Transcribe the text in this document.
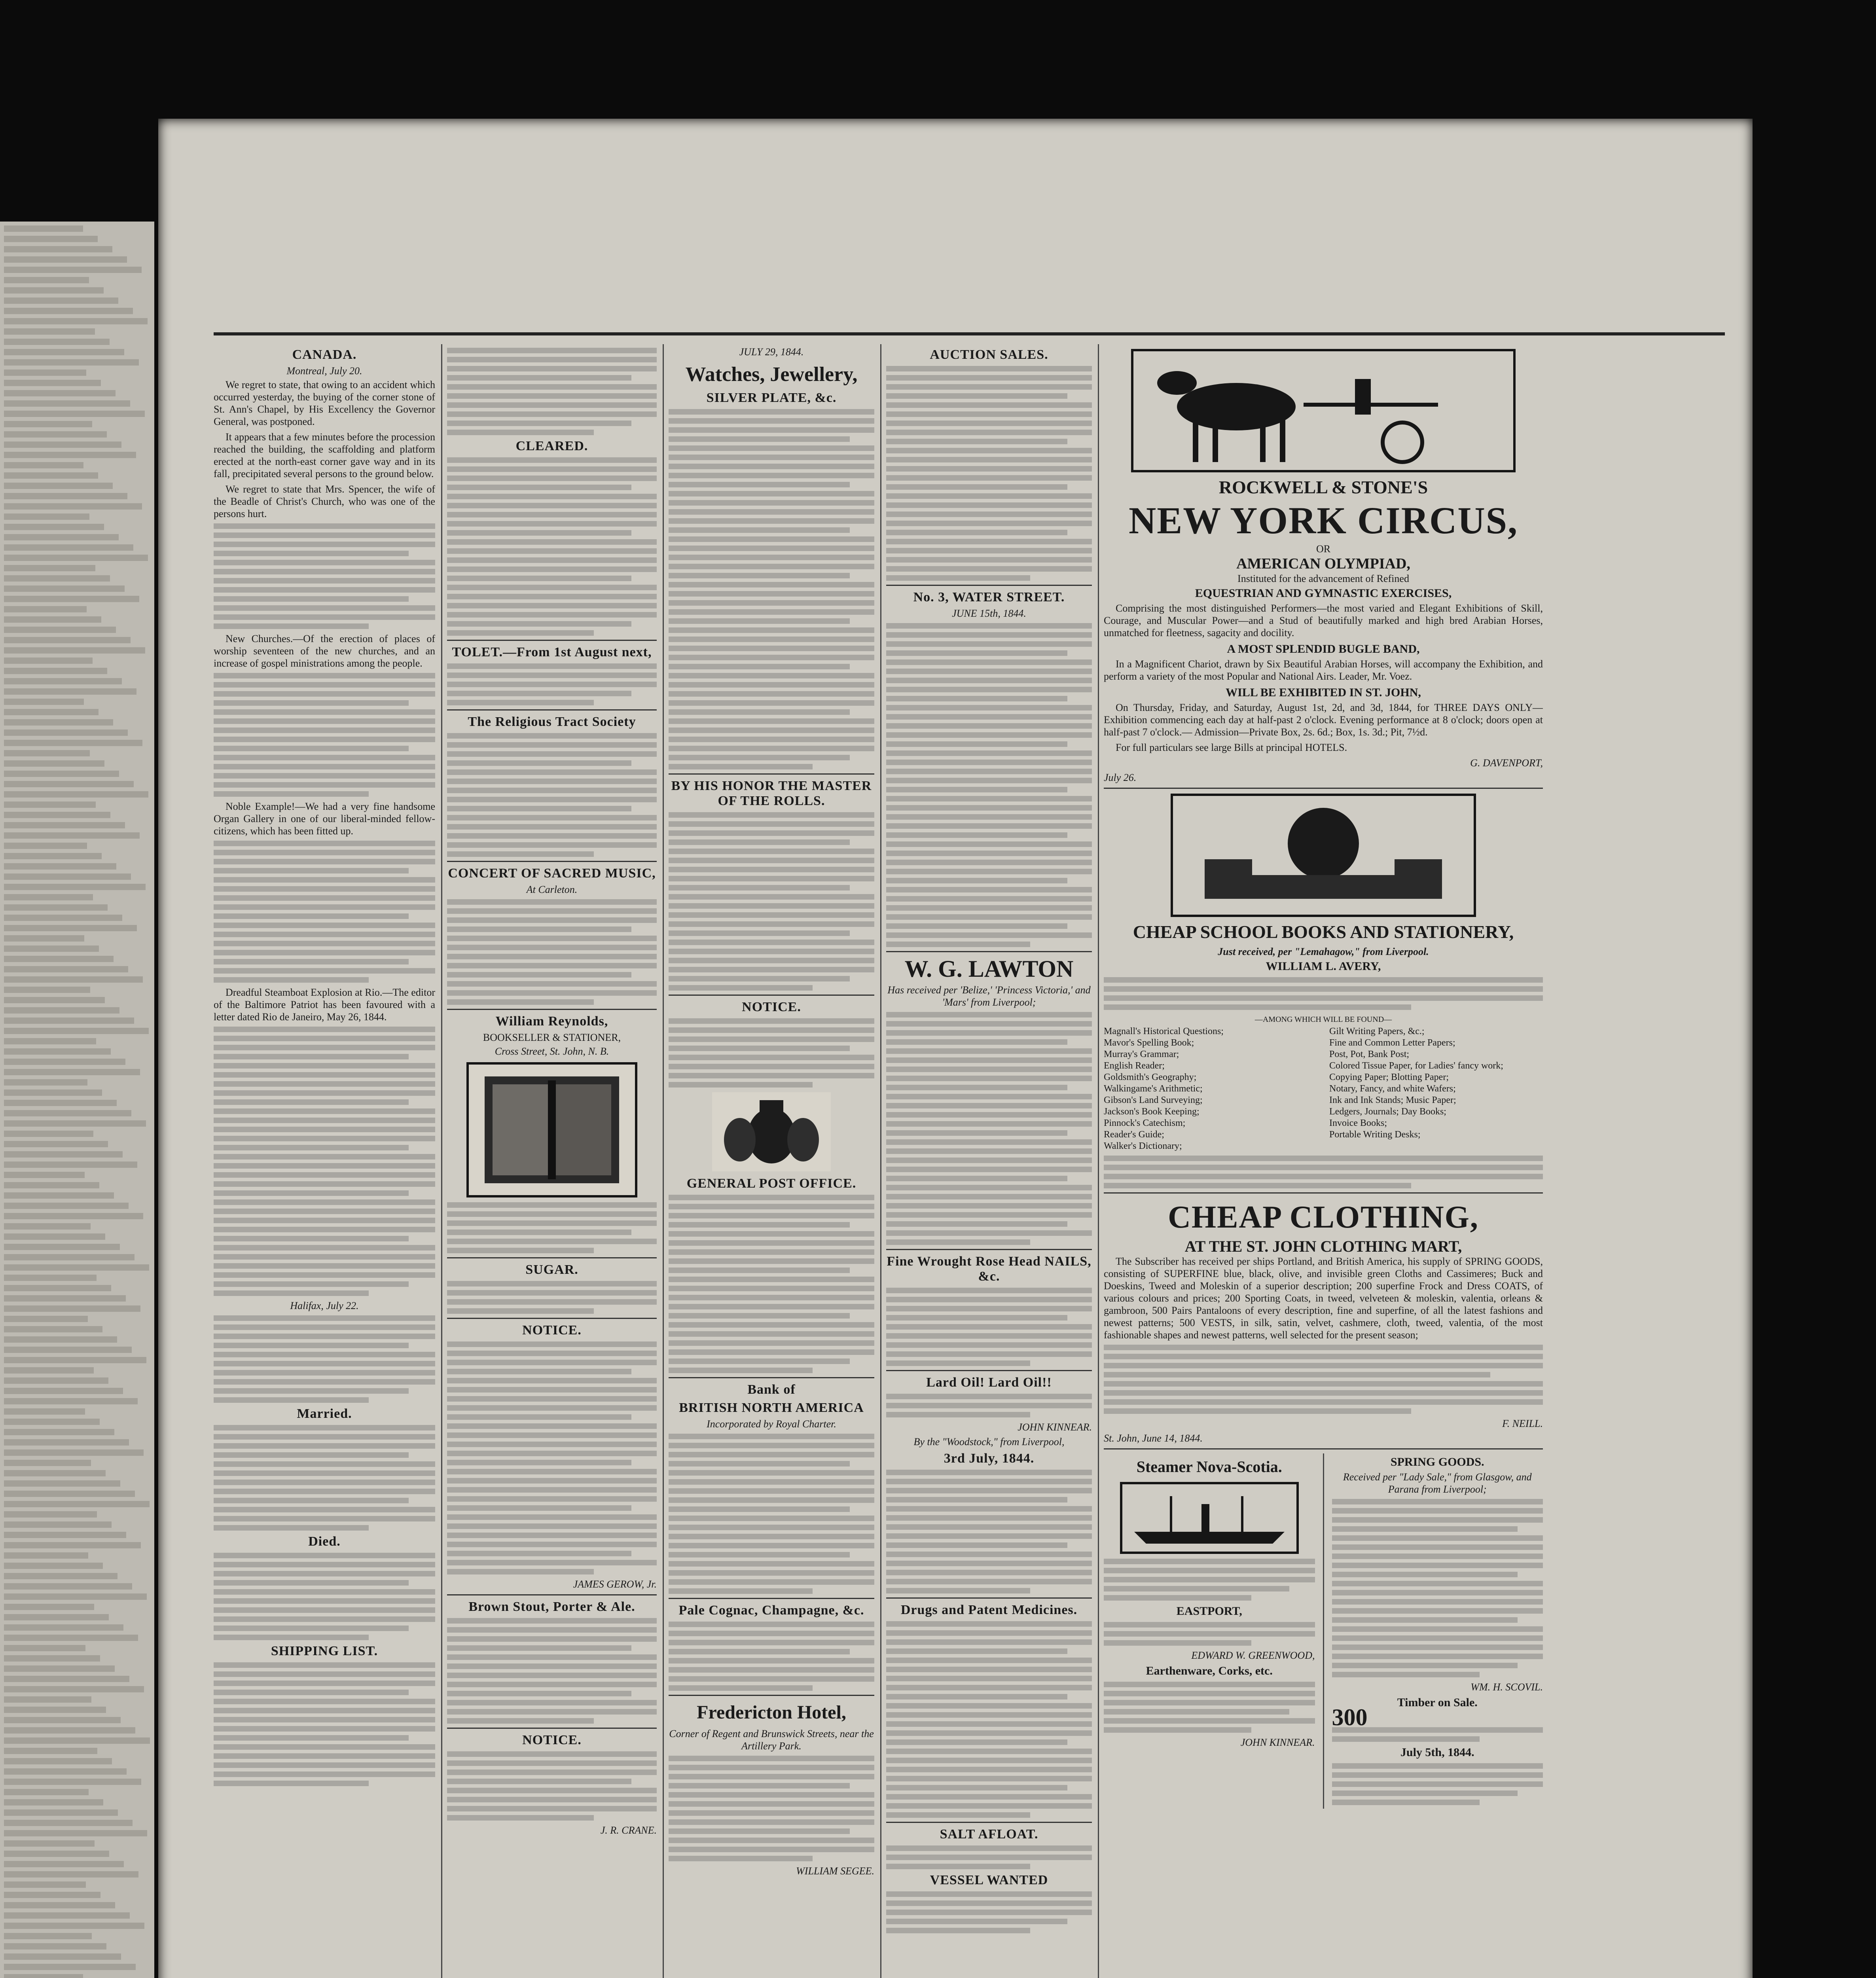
CANADA.
Montreal, July 20.

We regret to state, that owing to an accident which occurred yesterday, the buying of the corner stone of St. Ann's Chapel, by His Excellency the Governor General, was postponed.

It appears that a few minutes before the procession reached the building, the scaffolding and platform erected at the north-east corner gave way and in its fall, precipitated several persons to the ground below.

We regret to state that Mrs. Spencer, the wife of the Beadle of Christ's Church, who was one of the persons hurt.

New Churches.—Of the erection of places of worship seventeen of the new churches, and an increase of gospel ministrations among the people.

Noble Example!—We had a very fine handsome Organ Gallery in one of our liberal-minded fellow-citizens, which has been fitted up.

Dreadful Steamboat Explosion at Rio.—The editor of the Baltimore Patriot has been favoured with a letter dated Rio de Janeiro, May 26, 1844.

Halifax, July 22.
Married.
Died.
SHIPPING LIST.
CLEARED.
TOLET.—From 1st August next,
The Religious Tract Society
CONCERT OF SACRED MUSIC,
At Carleton.
William Reynolds,
BOOKSELLER & STATIONER,
Cross Street, St. John, N. B.
SUGAR.
NOTICE.
JAMES GEROW, Jr.
Brown Stout, Porter & Ale.
NOTICE.
J. R. CRANE.
JULY 29, 1844.
Watches, Jewellery,
SILVER PLATE, &c.
BY HIS HONOR THE MASTER OF THE ROLLS.
NOTICE.
GENERAL POST OFFICE.
Bank of
BRITISH NORTH AMERICA
Incorporated by Royal Charter.
Pale Cognac, Champagne, &c.
Fredericton Hotel,
Corner of Regent and Brunswick Streets, near the Artillery Park.
WILLIAM SEGEE.
AUCTION SALES.
No. 3, WATER STREET.
JUNE 15th, 1844.
W. G. LAWTON
Has received per 'Belize,' 'Princess Victoria,' and 'Mars' from Liverpool;
Fine Wrought Rose Head NAILS, &c.
Lard Oil! Lard Oil!!
JOHN KINNEAR.
By the "Woodstock," from Liverpool,
3rd July, 1844.
Drugs and Patent Medicines.
SALT AFLOAT.
VESSEL WANTED
ROCKWELL & STONE'S
NEW YORK CIRCUS,
OR
AMERICAN OLYMPIAD,
Instituted for the advancement of Refined
EQUESTRIAN AND GYMNASTIC EXERCISES,

Comprising the most distinguished Performers—the most varied and Elegant Exhibitions of Skill, Courage, and Muscular Power—and a Stud of beautifully marked and high bred Arabian Horses, unmatched for fleetness, sagacity and docility.

A MOST SPLENDID BUGLE BAND,

In a Magnificent Chariot, drawn by Six Beautiful Arabian Horses, will accompany the Exhibition, and perform a variety of the most Popular and National Airs. Leader, Mr. Voez.

WILL BE EXHIBITED IN ST. JOHN,

On Thursday, Friday, and Saturday, August 1st, 2d, and 3d, 1844, for THREE DAYS ONLY—Exhibition commencing each day at half-past 2 o'clock. Evening performance at 8 o'clock; doors open at half-past 7 o'clock.— Admission—Private Box, 2s. 6d.; Box, 1s. 3d.; Pit, 7½d.

For full particulars see large Bills at principal HOTELS.

G. DAVENPORT,
July 26.
CHEAP SCHOOL BOOKS AND STATIONERY,
Just received, per "Lemahagow," from Liverpool.
WILLIAM L. AVERY,
—AMONG WHICH WILL BE FOUND—
Magnall's Historical Questions;
Mavor's Spelling Book;
Murray's Grammar;
English Reader;
Goldsmith's Geography;
Walkingame's Arithmetic;
Gibson's Land Surveying;
Jackson's Book Keeping;
Pinnock's Catechism;
Reader's Guide;
Walker's Dictionary;
Gilt Writing Papers, &c.;
Fine and Common Letter Papers;
Post, Pot, Bank Post;
Colored Tissue Paper, for Ladies' fancy work;
Copying Paper; Blotting Paper;
Notary, Fancy, and white Wafers;
Ink and Ink Stands; Music Paper;
Ledgers, Journals; Day Books;
Invoice Books;
Portable Writing Desks;
CHEAP CLOTHING,
AT THE ST. JOHN CLOTHING MART,

The Subscriber has received per ships Portland, and British America, his supply of SPRING GOODS, consisting of SUPERFINE blue, black, olive, and invisible green Cloths and Cassimeres; Buck and Doeskins, Tweed and Moleskin of a superior description; 200 superfine Frock and Dress COATS, of various colours and prices; 200 Sporting Coats, in tweed, velveteen & moleskin, valentia, orleans & gambroon, 500 Pairs Pantaloons of every description, fine and superfine, of all the latest fashions and newest patterns; 500 VESTS, in silk, satin, velvet, cashmere, cloth, tweed, valentia, of the most fashionable shapes and newest patterns, well selected for the present season;

F. NEILL.
St. John, June 14, 1844.
Steamer Nova-Scotia.
EASTPORT,
EDWARD W. GREENWOOD,
Earthenware, Corks, etc.
JOHN KINNEAR.
SPRING GOODS.
Received per "Lady Sale," from Glasgow, and Parana from Liverpool;
WM. H. SCOVIL.
Timber on Sale.
300
July 5th, 1844.
